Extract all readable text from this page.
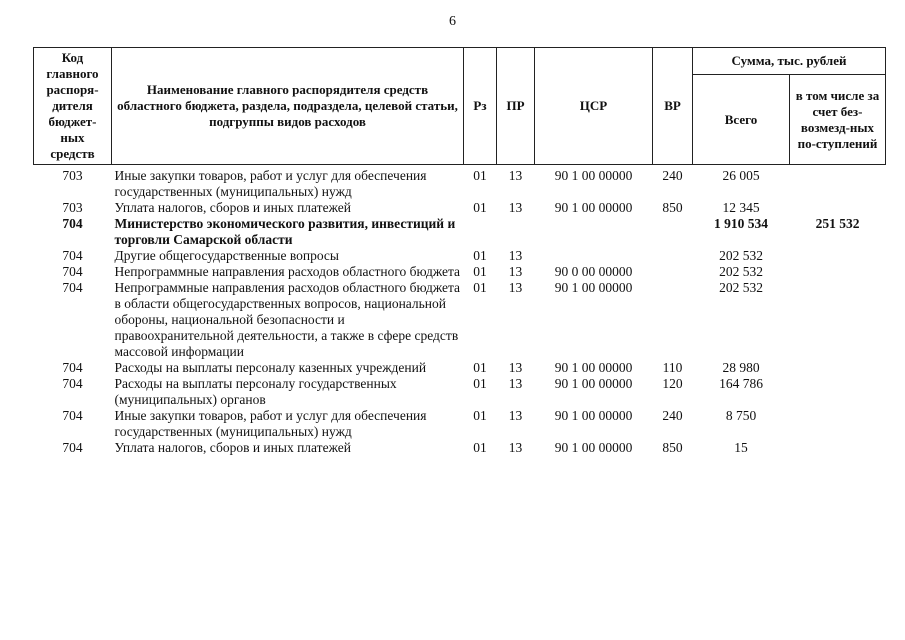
6
Код главного распоря-дителя бюджет-ных средств	Наименование главного распорядителя средств областного бюджета, раздела, подраздела, целевой статьи, подгруппы видов расходов	Рз	ПР	ЦСР	ВР	Сумма, тыс. рублей	
						Всего	в том числе за счет без-возмезд-ных по-ступлений
703	Иные закупки товаров, работ и услуг для обеспечения государственных (муниципальных) нужд	01	13	90 1 00 00000	240	26 005	
703	Уплата налогов, сборов и иных платежей	01	13	90 1 00 00000	850	12 345	
704	Министерство экономического развития, инвестиций и торговли Самарской области					1 910 534	251 532
704	Другие общегосударственные вопросы	01	13			202 532	
704	Непрограммные направления расходов областного бюджета	01	13	90 0 00 00000		202 532	
704	Непрограммные направления расходов областного бюджета в области общегосударственных вопросов, национальной обороны, национальной безопасности и правоохранительной деятельности, а также в сфере средств массовой информации	01	13	90 1 00 00000		202 532	
704	Расходы на выплаты персоналу казенных учреждений	01	13	90 1 00 00000	110	28 980	
704	Расходы на выплаты персоналу государственных (муниципальных) органов	01	13	90 1 00 00000	120	164 786	
704	Иные закупки товаров, работ и услуг для обеспечения государственных (муниципальных) нужд	01	13	90 1 00 00000	240	8 750	
704	Уплата налогов, сборов и иных платежей	01	13	90 1 00 00000	850	15	
